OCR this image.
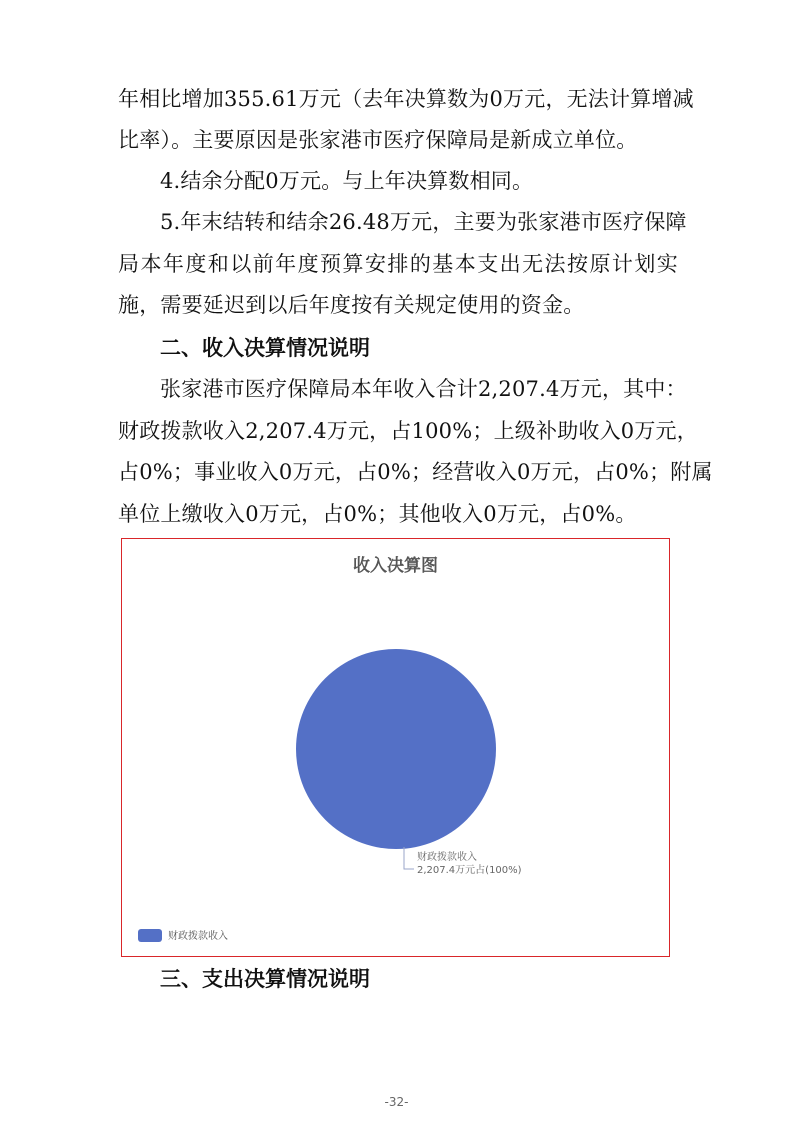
年相比增加355.61万元（去年决算数为0万元，无法计算增减
比率）。主要原因是张家港市医疗保障局是新成立单位。
4.结余分配0万元。与上年决算数相同。
5.年末结转和结余26.48万元，主要为张家港市医疗保障
局本年度和以前年度预算安排的基本支出无法按原计划实
施，需要延迟到以后年度按有关规定使用的资金。
二、收入决算情况说明
张家港市医疗保障局本年收入合计2,207.4万元，其中：
财政拨款收入2,207.4万元，占100%；上级补助收入0万元，
占0%；事业收入0万元，占0%；经营收入0万元，占0%；附属
单位上缴收入0万元，占0%；其他收入0万元，占0%。
收入决算图
财政拨款收入
2,207.4万元占(100%)
财政拨款收入
三、支出决算情况说明
-32-
